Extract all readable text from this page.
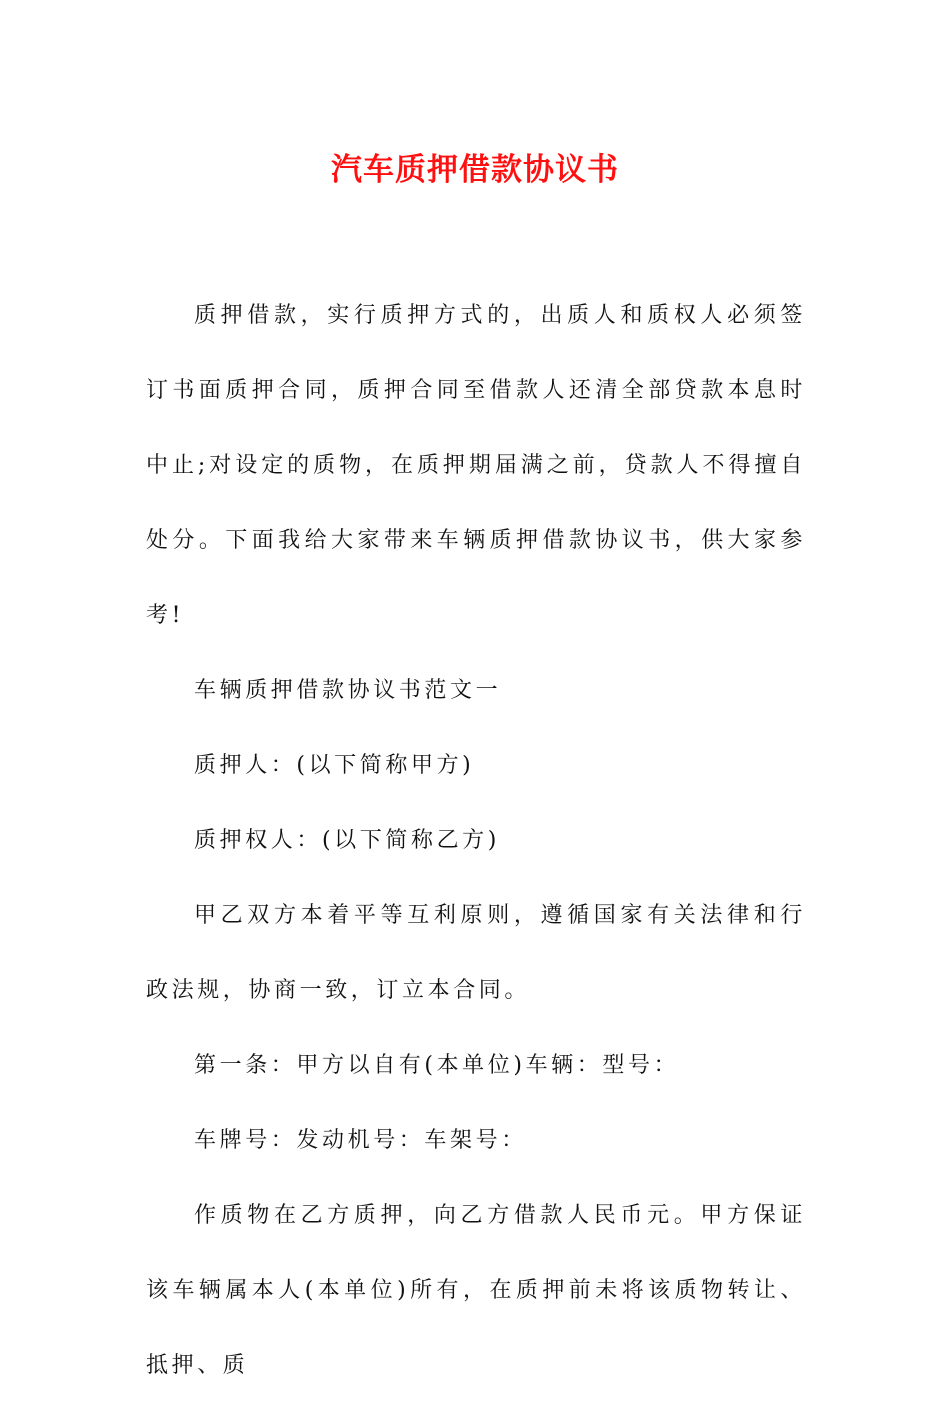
汽车质押借款协议书

质押借款，实行质押方式的，出质人和质权人必须签订书面质押合同，质押合同至借款人还清全部贷款本息时中止;对设定的质物，在质押期届满之前，贷款人不得擅自处分。下面我给大家带来车辆质押借款协议书，供大家参考!

车辆质押借款协议书范文一

质押人：(以下简称甲方)

质押权人：(以下简称乙方)

甲乙双方本着平等互利原则，遵循国家有关法律和行政法规，协商一致，订立本合同。

第一条：甲方以自有(本单位)车辆：型号：

车牌号：发动机号：车架号：

作质物在乙方质押，向乙方借款人民币元。甲方保证该车辆属本人(本单位)所有，在质押前未将该质物转让、抵押、质
